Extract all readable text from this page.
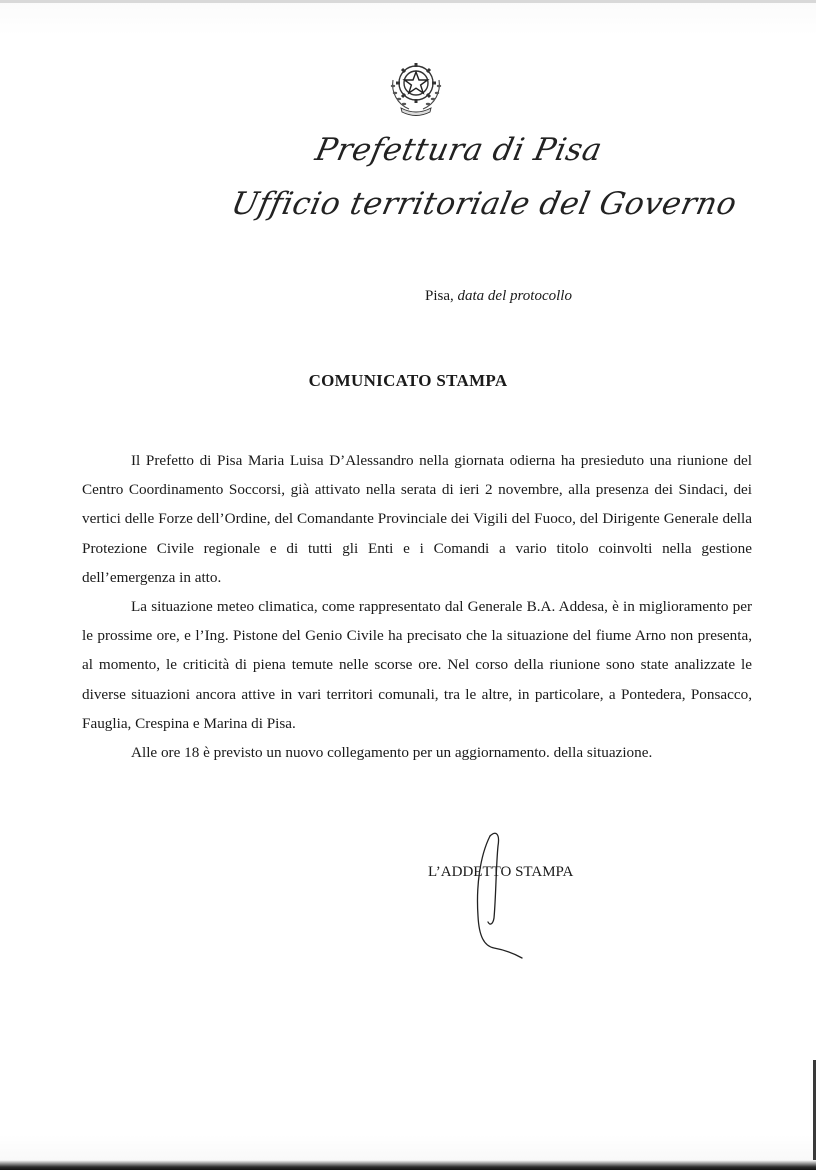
Prefettura di Pisa
Ufficio territoriale del Governo
Pisa, data del protocollo
COMUNICATO STAMPA

Il Prefetto di Pisa Maria Luisa D’Alessandro nella giornata odierna ha presieduto una riunione del Centro Coordinamento Soccorsi, già attivato nella serata di ieri 2 novembre, alla presenza dei Sindaci, dei vertici delle Forze dell’Ordine, del Comandante Provinciale dei Vigili del Fuoco, del Dirigente Generale della Protezione Civile regionale e di tutti gli Enti e i Comandi a vario titolo coinvolti nella gestione dell’emergenza in atto.

La situazione meteo climatica, come rappresentato dal Generale B.A. Addesa, è in miglioramento per le prossime ore, e l’Ing. Pistone del Genio Civile ha precisato che la situazione del fiume Arno non presenta, al momento, le criticità di piena temute nelle scorse ore. Nel corso della riunione sono state analizzate le diverse situazioni ancora attive in vari territori comunali, tra le altre, in particolare, a Pontedera, Ponsacco, Fauglia, Crespina e Marina di Pisa.

Alle ore 18 è previsto un nuovo collegamento per un aggiornamento. della situazione.

L’ADDETTO STAMPA
